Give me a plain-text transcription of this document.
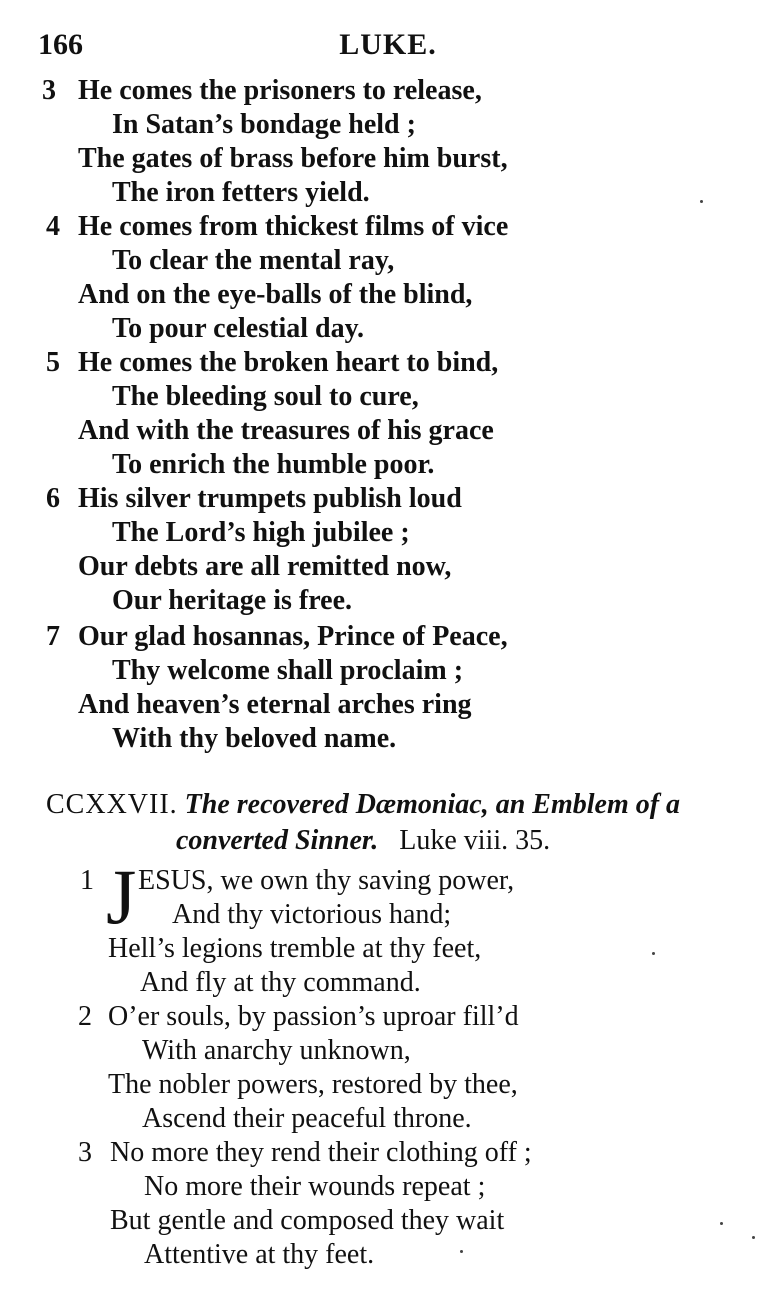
166	LUKE.
3 He comes the prisoners to release,
In Satan’s bondage held ;
The gates of brass before him burst,
The iron fetters yield.
4 He comes from thickest films of vice
To clear the mental ray,
And on the eye-balls of the blind,
To pour celestial day.
5 He comes the broken heart to bind,
The bleeding soul to cure,
And with the treasures of his grace
To enrich the humble poor.
6 His silver trumpets publish loud
The Lord’s high jubilee ;
Our debts are all remitted now,
Our heritage is free.
7 Our glad hosannas, Prince of Peace,
Thy welcome shall proclaim ;
And heaven’s eternal arches ring
With thy beloved name.
CCXXVII. The recovered Dæmoniac, an Emblem of a
converted Sinner. Luke viii. 35.
1 J ESUS, we own thy saving power,
And thy victorious hand;
Hell’s legions tremble at thy feet,
And fly at thy command.
2 O’er souls, by passion’s uproar fill’d
With anarchy unknown,
The nobler powers, restored by thee,
Ascend their peaceful throne.
3 No more they rend their clothing off ;
No more their wounds repeat ;
But gentle and composed they wait
Attentive at thy feet.
